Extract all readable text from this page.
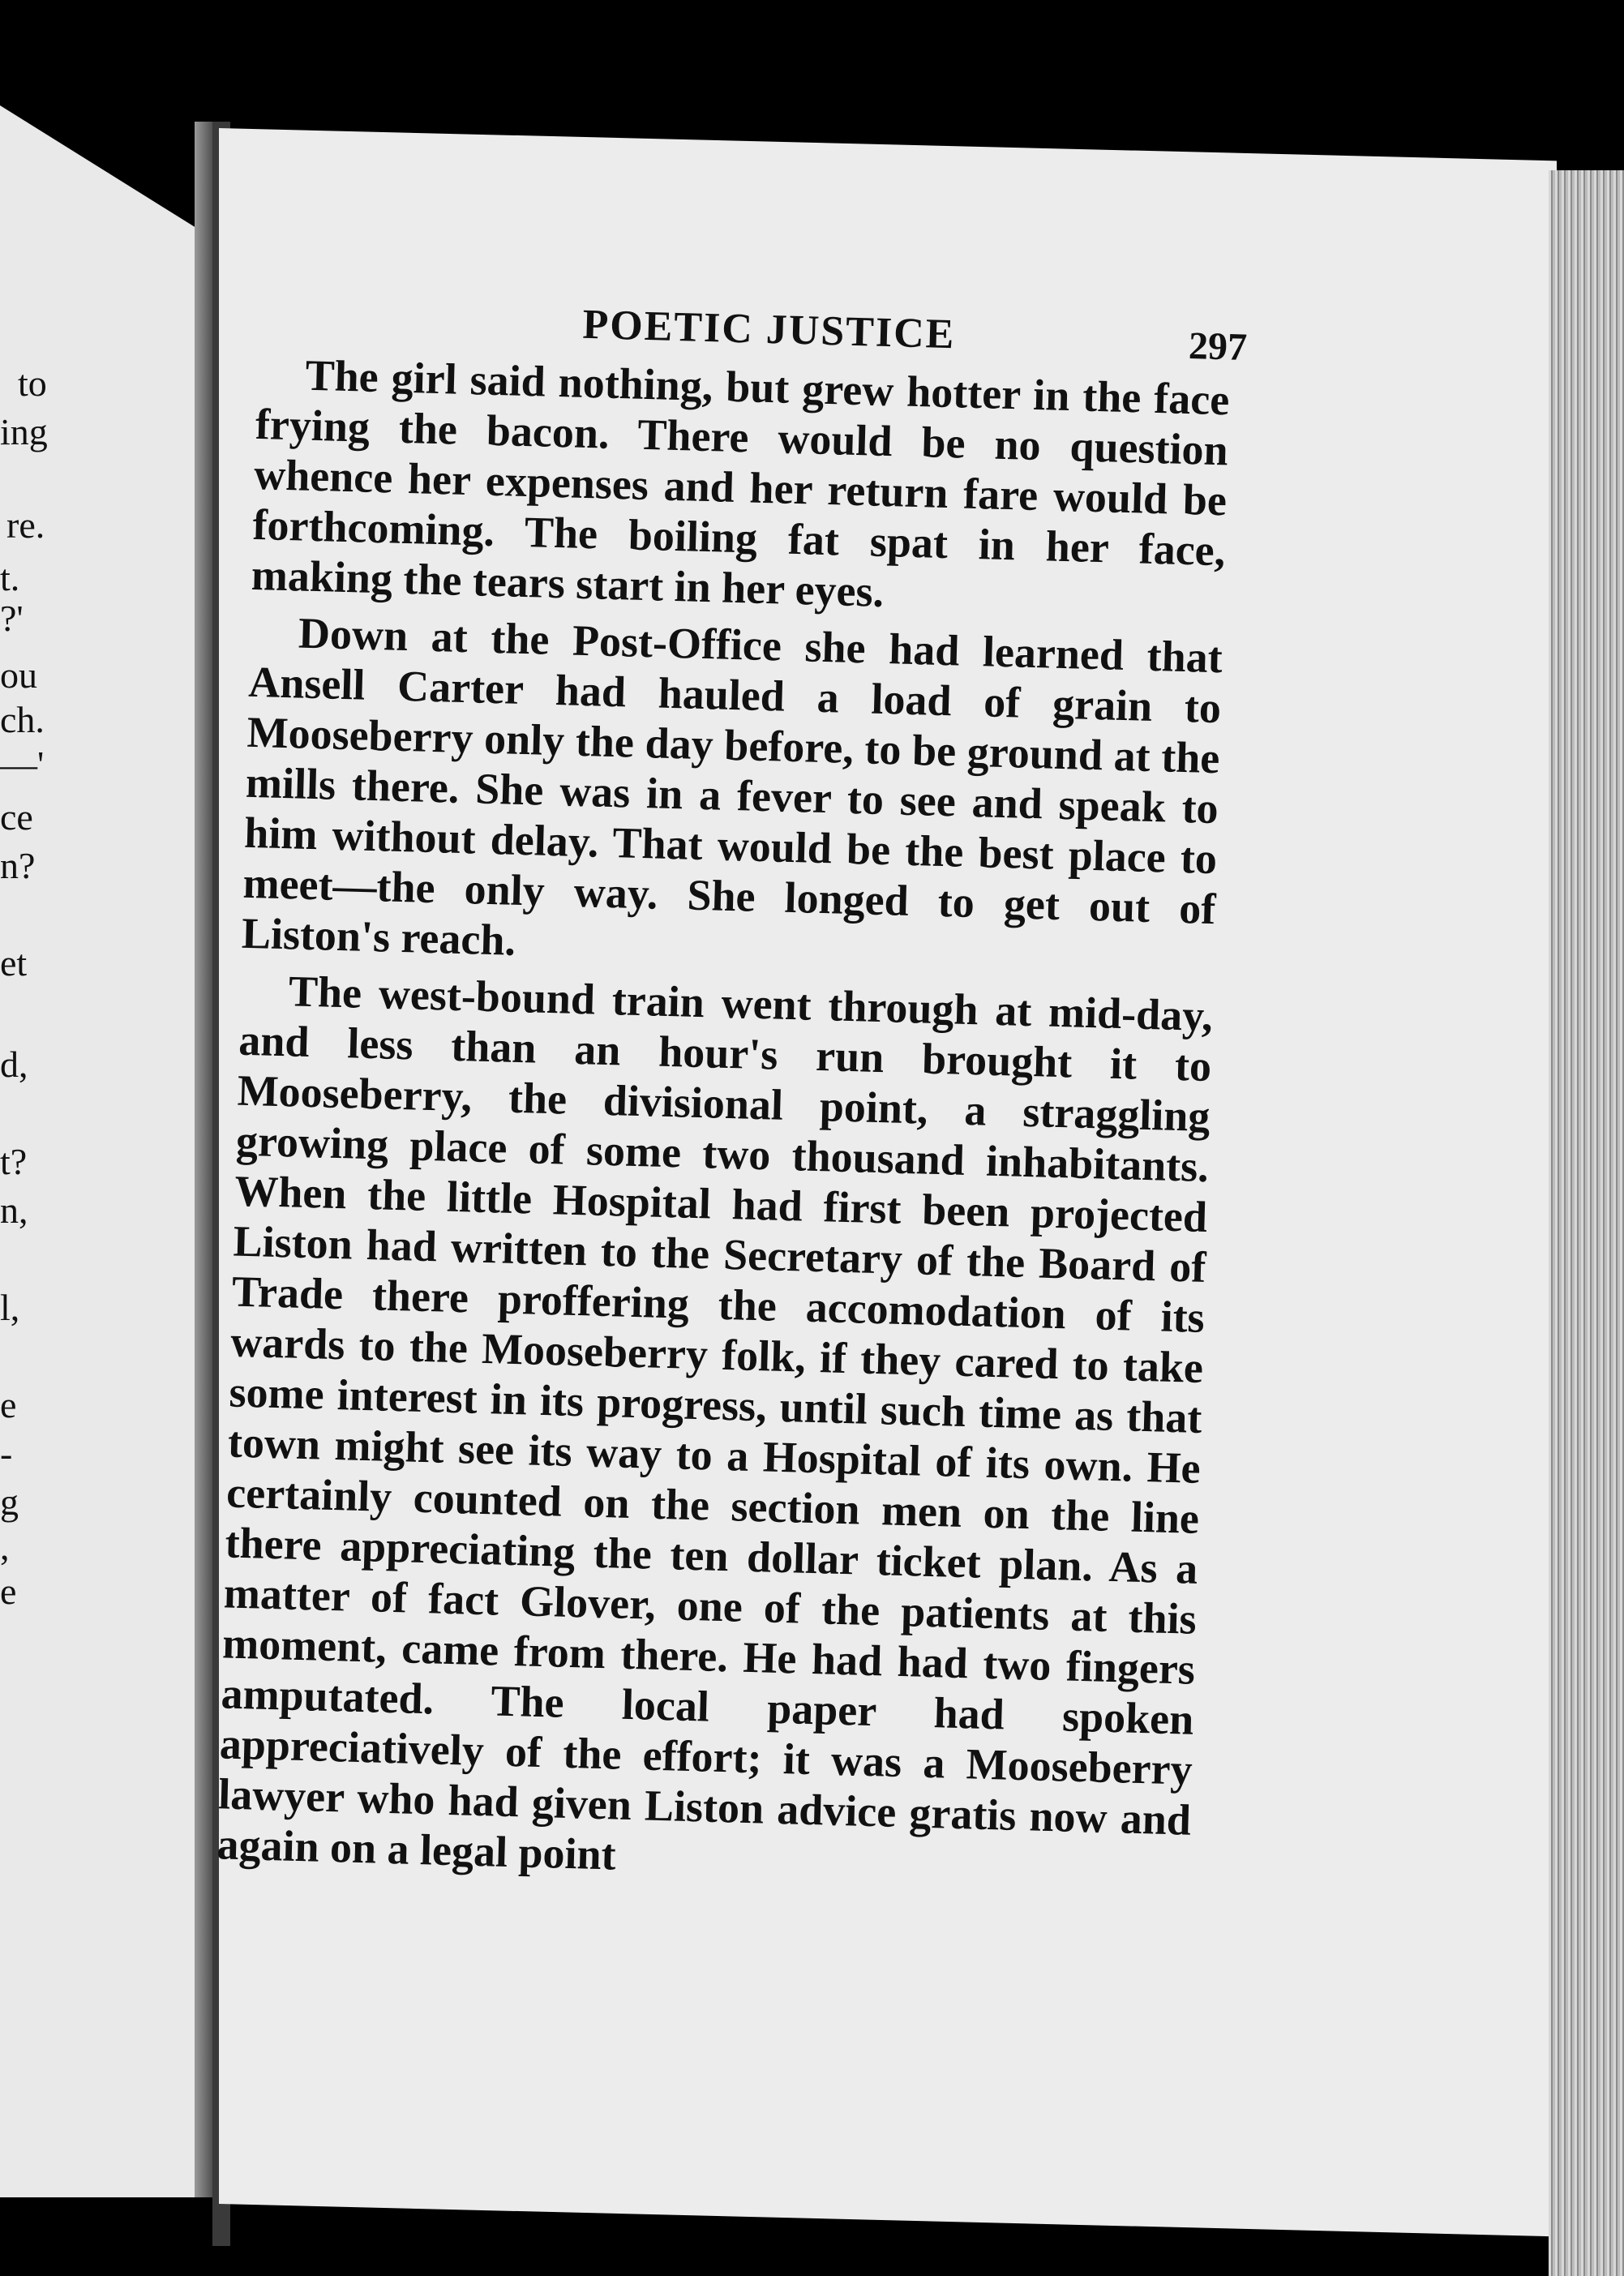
to
ing
re.
t.
?'
ou
ch.
—'
ce
n?
et
d,
t?
n,
l,
e
-
g
,
e
POETIC JUSTICE	297

The girl said nothing, but grew hotter in the face frying the bacon. There would be no question whence her expenses and her return fare would be forthcoming. The boiling fat spat in her face, making the tears start in her eyes.

Down at the Post-Office she had learned that Ansell Carter had hauled a load of grain to Mooseberry only the day before, to be ground at the mills there. She was in a fever to see and speak to him without delay. That would be the best place to meet—the only way. She longed to get out of Liston's reach.

The west-bound train went through at mid-day, and less than an hour's run brought it to Mooseberry, the divisional point, a straggling growing place of some two thousand inhabitants. When the little Hospital had first been projected Liston had written to the Secretary of the Board of Trade there proffering the accomodation of its wards to the Mooseberry folk, if they cared to take some interest in its progress, until such time as that town might see its way to a Hospital of its own. He certainly counted on the section men on the line there appreciating the ten dollar ticket plan. As a matter of fact Glover, one of the patients at this moment, came from there. He had had two fingers amputated. The local paper had spoken appreciatively of the effort; it was a Mooseberry lawyer who had given Liston advice gratis now and again on a legal point
